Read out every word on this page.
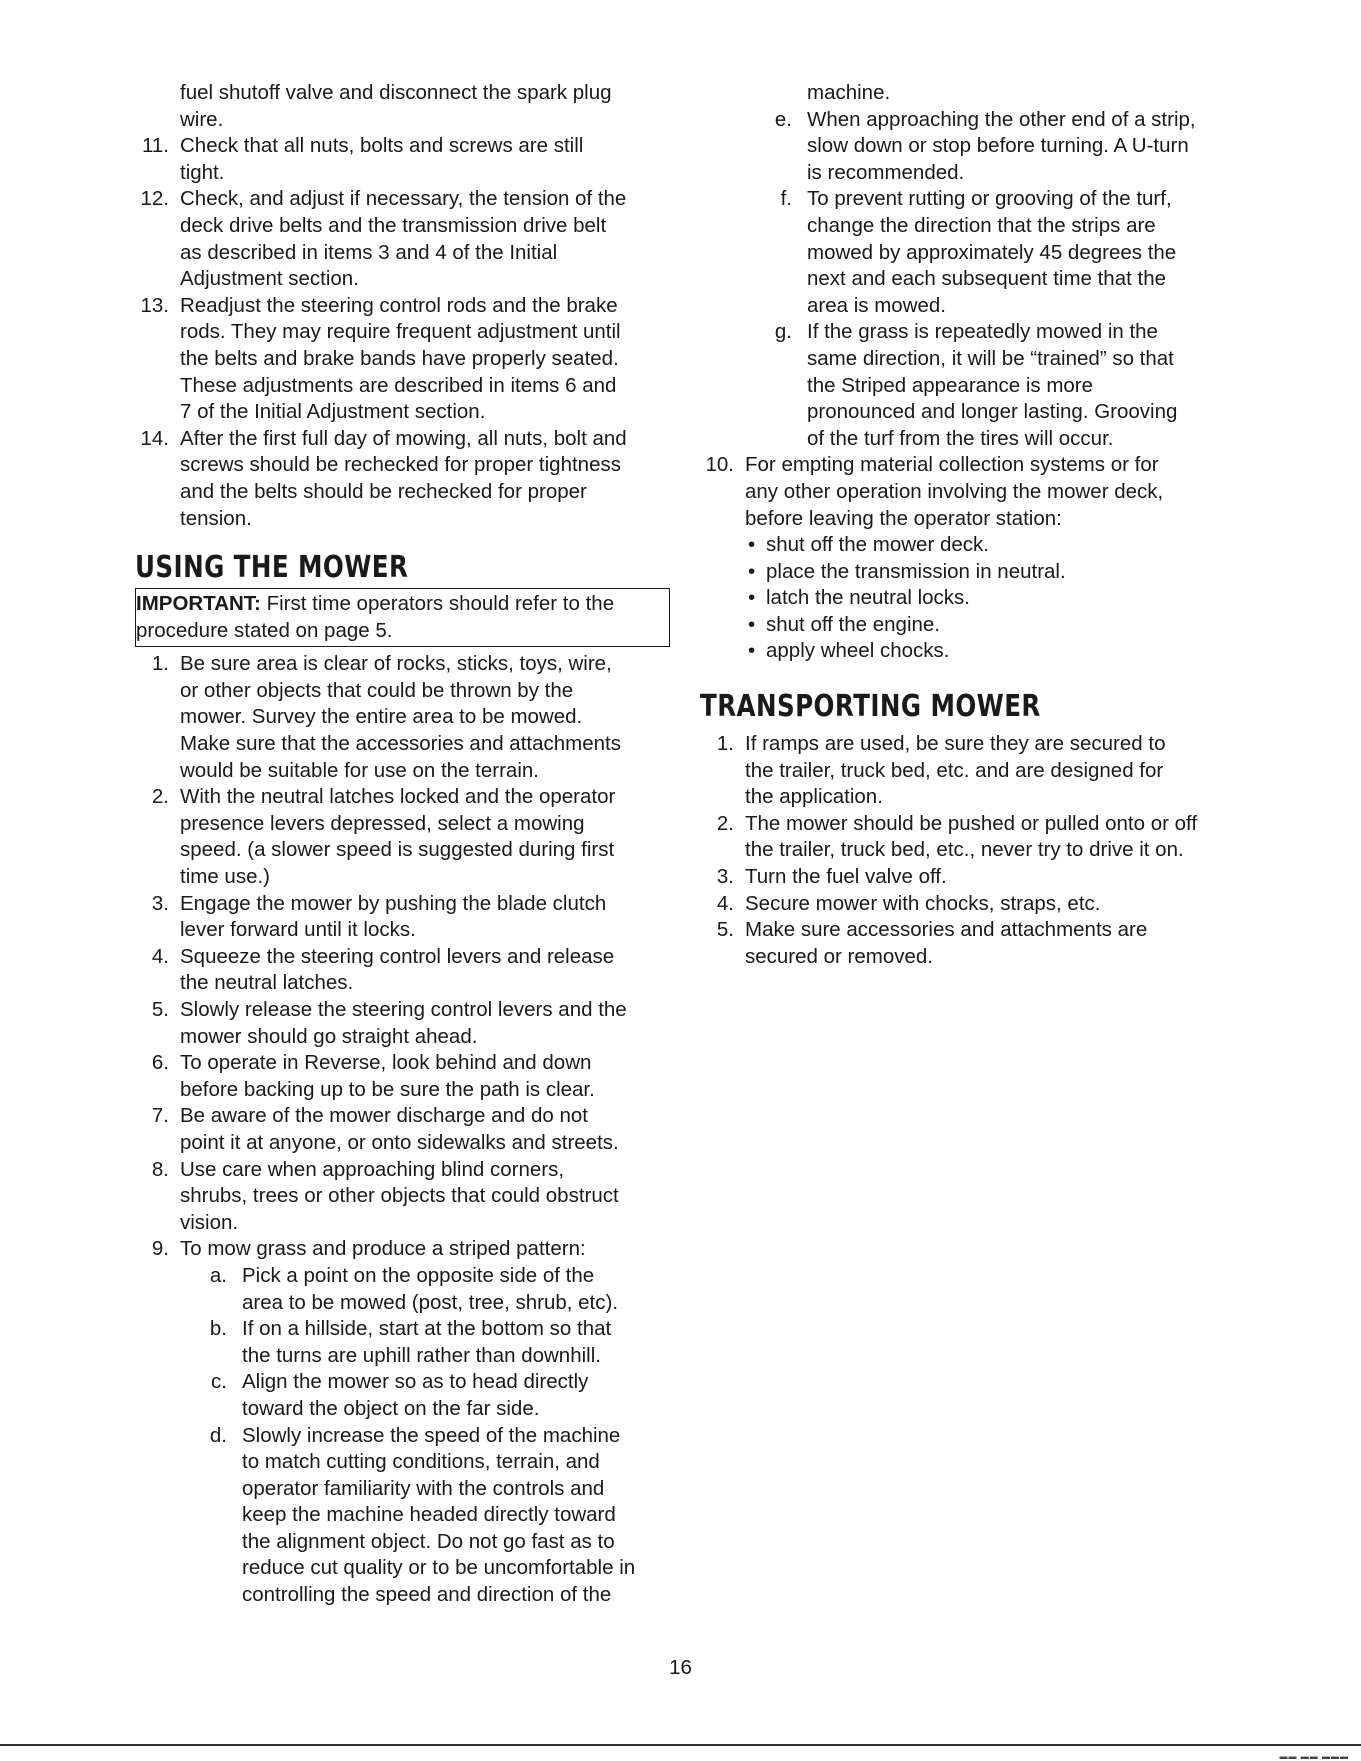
fuel shutoff valve and disconnect the spark plug
wire.
11. Check that all nuts, bolts and screws are still
tight.
12. Check, and adjust if necessary, the tension of the
deck drive belts and the transmission drive belt
as described in items 3 and 4 of the Initial
Adjustment section.
13. Readjust the steering control rods and the brake
rods. They may require frequent adjustment until
the belts and brake bands have properly seated.
These adjustments are described in items 6 and
7 of the Initial Adjustment section.
14. After the first full day of mowing, all nuts, bolt and
screws should be rechecked for proper tightness
and the belts should be rechecked for proper
tension.
USING THE MOWER
IMPORTANT: First time operators should refer to the
procedure stated on page 5.
1. Be sure area is clear of rocks, sticks, toys, wire,
or other objects that could be thrown by the
mower. Survey the entire area to be mowed.
Make sure that the accessories and attachments
would be suitable for use on the terrain.
2. With the neutral latches locked and the operator
presence levers depressed, select a mowing
speed. (a slower speed is suggested during first
time use.)
3. Engage the mower by pushing the blade clutch
lever forward until it locks.
4. Squeeze the steering control levers and release
the neutral latches.
5. Slowly release the steering control levers and the
mower should go straight ahead.
6. To operate in Reverse, look behind and down
before backing up to be sure the path is clear.
7. Be aware of the mower discharge and do not
point it at anyone, or onto sidewalks and streets.
8. Use care when approaching blind corners,
shrubs, trees or other objects that could obstruct
vision.
9. To mow grass and produce a striped pattern:
a. Pick a point on the opposite side of the
area to be mowed (post, tree, shrub, etc).
b. If on a hillside, start at the bottom so that
the turns are uphill rather than downhill.
c. Align the mower so as to head directly
toward the object on the far side.
d. Slowly increase the speed of the machine
to match cutting conditions, terrain, and
operator familiarity with the controls and
keep the machine headed directly toward
the alignment object. Do not go fast as to
reduce cut quality or to be uncomfortable in
controlling the speed and direction of the
machine.
e. When approaching the other end of a strip,
slow down or stop before turning. A U-turn
is recommended.
f. To prevent rutting or grooving of the turf,
change the direction that the strips are
mowed by approximately 45 degrees the
next and each subsequent time that the
area is mowed.
g. If the grass is repeatedly mowed in the
same direction, it will be “trained” so that
the Striped appearance is more
pronounced and longer lasting. Grooving
of the turf from the tires will occur.
10. For empting material collection systems or for
any other operation involving the mower deck,
before leaving the operator station:
• shut off the mower deck.
• place the transmission in neutral.
• latch the neutral locks.
• shut off the engine.
• apply wheel chocks.
TRANSPORTING MOWER
1. If ramps are used, be sure they are secured to
the trailer, truck bed, etc. and are designed for
the application.
2. The mower should be pushed or pulled onto or off
the trailer, truck bed, etc., never try to drive it on.
3. Turn the fuel valve off.
4. Secure mower with chocks, straps, etc.
5. Make sure accessories and attachments are
secured or removed.
16
▬▬ ▬▬ ▬▬▬
